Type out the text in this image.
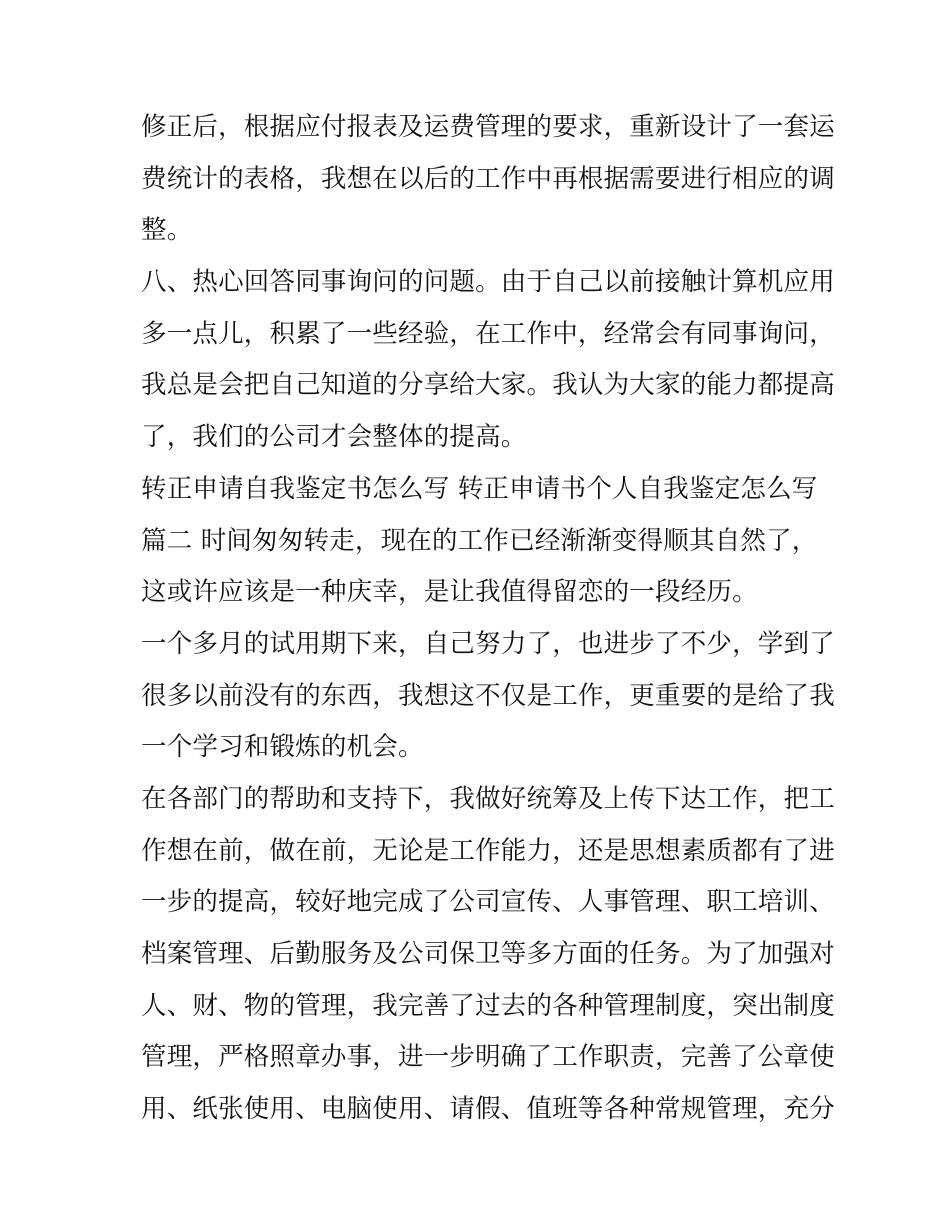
修正后，根据应付报表及运费管理的要求，重新设计了一套运
费统计的表格，我想在以后的工作中再根据需要进行相应的调
整。
八、热心回答同事询问的问题。由于自己以前接触计算机应用
多一点儿，积累了一些经验，在工作中，经常会有同事询问，
我总是会把自己知道的分享给大家。我认为大家的能力都提高
了，我们的公司才会整体的提高。
转正申请自我鉴定书怎么写 转正申请书个人自我鉴定怎么写
篇二 时间匆匆转走，现在的工作已经渐渐变得顺其自然了，
这或许应该是一种庆幸，是让我值得留恋的一段经历。
一个多月的试用期下来，自己努力了，也进步了不少，学到了
很多以前没有的东西，我想这不仅是工作，更重要的是给了我
一个学习和锻炼的机会。
在各部门的帮助和支持下，我做好统筹及上传下达工作，把工
作想在前，做在前，无论是工作能力，还是思想素质都有了进
一步的提高，较好地完成了公司宣传、人事管理、职工培训、
档案管理、后勤服务及公司保卫等多方面的任务。为了加强对
人、财、物的管理，我完善了过去的各种管理制度，突出制度
管理，严格照章办事，进一步明确了工作职责，完善了公章使
用、纸张使用、电脑使用、请假、值班等各种常规管理，充分
